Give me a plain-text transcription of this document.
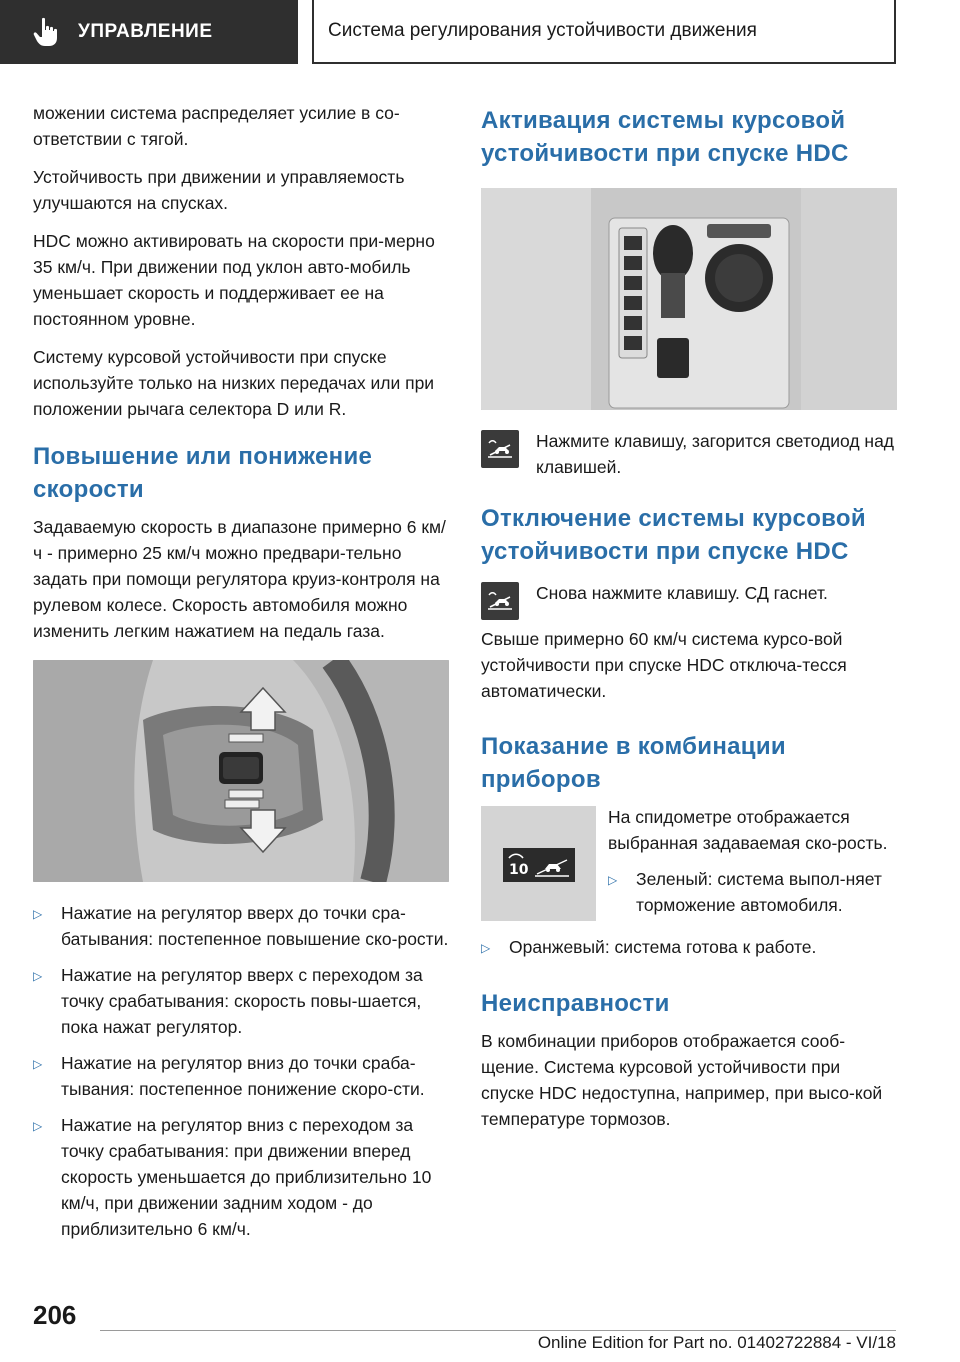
УПРАВЛЕНИЕ	Система регулирования устойчивости движения

можении система распределяет усилие в со-ответствии с тягой.

Устойчивость при движении и управляемость улучшаются на спусках.

HDC можно активировать на скорости при-мерно 35 км/ч. При движении под уклон авто-мобиль уменьшает скорость и поддерживает ее на постоянном уровне.

Систему курсовой устойчивости при спуске используйте только на низких передачах или при положении рычага селектора D или R.

Повышение или понижение скорости

Задаваемую скорость в диапазоне примерно 6 км/ч - примерно 25 км/ч можно предвари-тельно задать при помощи регулятора круиз-контроля на рулевом колесе. Скорость автомобиля можно изменить легким нажатием на педаль газа.

▷	Нажатие на регулятор вверх до точки сра-батывания: постепенное повышение ско-рости.
▷	Нажатие на регулятор вверх с переходом за точку срабатывания: скорость повы-шается, пока нажат регулятор.
▷	Нажатие на регулятор вниз до точки сраба-тывания: постепенное понижение скоро-сти.
▷	Нажатие на регулятор вниз с переходом за точку срабатывания: при движении вперед скорость уменьшается до приблизительно 10 км/ч, при движении задним ходом - до приблизительно 6 км/ч.
Активация системы курсовой устойчивости при спуске HDC
Нажмите клавишу, загорится светодиод над клавишей.
Отключение системы курсовой устойчивости при спуске HDC
Снова нажмите клавишу. СД гаснет.

Свыше примерно 60 км/ч система курсо-вой устойчивости при спуске HDC отключа-тесся автоматически.

Показание в комбинации приборов
10

На спидометре отображается выбранная задаваемая ско-рость.

▷	Зеленый: система выпол-няет торможение автомобиля.
▷	Оранжевый: система готова к работе.
Неисправности

В комбинации приборов отображается сооб-щение. Система курсовой устойчивости при спуске HDC недоступна, например, при высо-кой температуре тормозов.

206
Online Edition for Part no. 01402722884 - VI/18
